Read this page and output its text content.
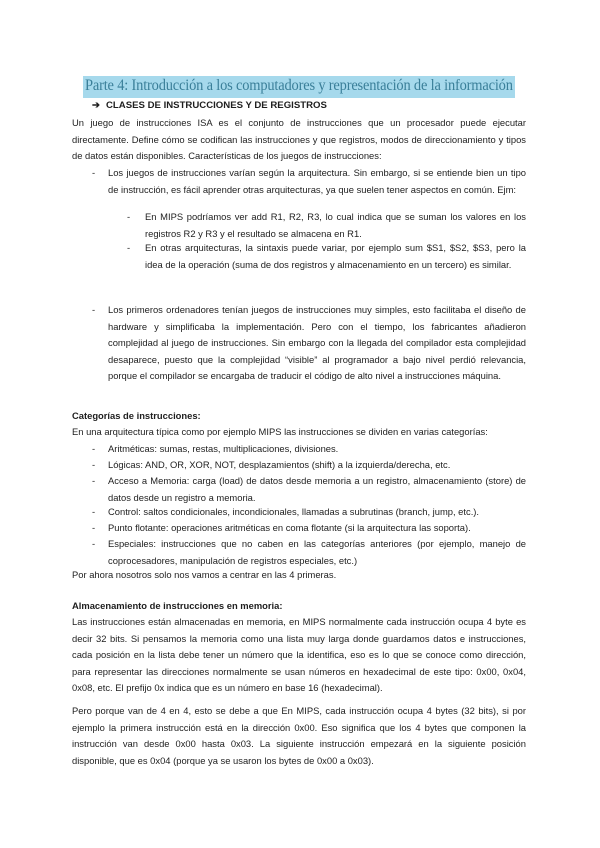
Parte 4: Introducción a los computadores y representación de la información
➔ CLASES DE INSTRUCCIONES Y DE REGISTROS
Un juego de instrucciones ISA es el conjunto de instrucciones que un procesador puede ejecutar directamente. Define cómo se codifican las instrucciones y que registros, modos de direccionamiento y tipos de datos están disponibles. Características de los juegos de instrucciones:
- Los juegos de instrucciones varían según la arquitectura. Sin embargo, si se entiende bien un tipo de instrucción, es fácil aprender otras arquitecturas, ya que suelen tener aspectos en común. Ejm:
- En MIPS podríamos ver add R1, R2, R3, lo cual indica que se suman los valores en los registros R2 y R3 y el resultado se almacena en R1.
- En otras arquitecturas, la sintaxis puede variar, por ejemplo sum $S1, $S2, $S3, pero la idea de la operación (suma de dos registros y almacenamiento en un tercero) es similar.
- Los primeros ordenadores tenían juegos de instrucciones muy simples, esto facilitaba el diseño de hardware y simplificaba la implementación. Pero con el tiempo, los fabricantes añadieron complejidad al juego de instrucciones. Sin embargo con la llegada del compilador esta complejidad desaparece, puesto que la complejidad “visible” al programador a bajo nivel perdió relevancia, porque el compilador se encargaba de traducir el código de alto nivel a instrucciones máquina.
Categorías de instrucciones:
En una arquitectura típica como por ejemplo MIPS las instrucciones se dividen en varias categorías:
- Aritméticas: sumas, restas, multiplicaciones, divisiones.
- Lógicas: AND, OR, XOR, NOT, desplazamientos (shift) a la izquierda/derecha, etc.
- Acceso a Memoria: carga (load) de datos desde memoria a un registro, almacenamiento (store) de datos desde un registro a memoria.
- Control: saltos condicionales, incondicionales, llamadas a subrutinas (branch, jump, etc.).
- Punto flotante: operaciones aritméticas en coma flotante (si la arquitectura las soporta).
- Especiales: instrucciones que no caben en las categorías anteriores (por ejemplo, manejo de coprocesadores, manipulación de registros especiales, etc.)
Por ahora nosotros solo nos vamos a centrar en las 4 primeras.
Almacenamiento de instrucciones en memoria:
Las instrucciones están almacenadas en memoria, en MIPS normalmente cada instrucción ocupa 4 byte es decir 32 bits. Si pensamos la memoria como una lista muy larga donde guardamos datos e instrucciones, cada posición en la lista debe tener un número que la identifica, eso es lo que se conoce como dirección, para representar las direcciones normalmente se usan números en hexadecimal de este tipo: 0x00, 0x04, 0x08, etc. El prefijo 0x indica que es un número en base 16 (hexadecimal).
Pero porque van de 4 en 4, esto se debe a que En MIPS, cada instrucción ocupa 4 bytes (32 bits), si por ejemplo la primera instrucción está en la dirección 0x00. Eso significa que los 4 bytes que componen la instrucción van desde 0x00 hasta 0x03. La siguiente instrucción empezará en la siguiente posición disponible, que es 0x04 (porque ya se usaron los bytes de 0x00 a 0x03).
